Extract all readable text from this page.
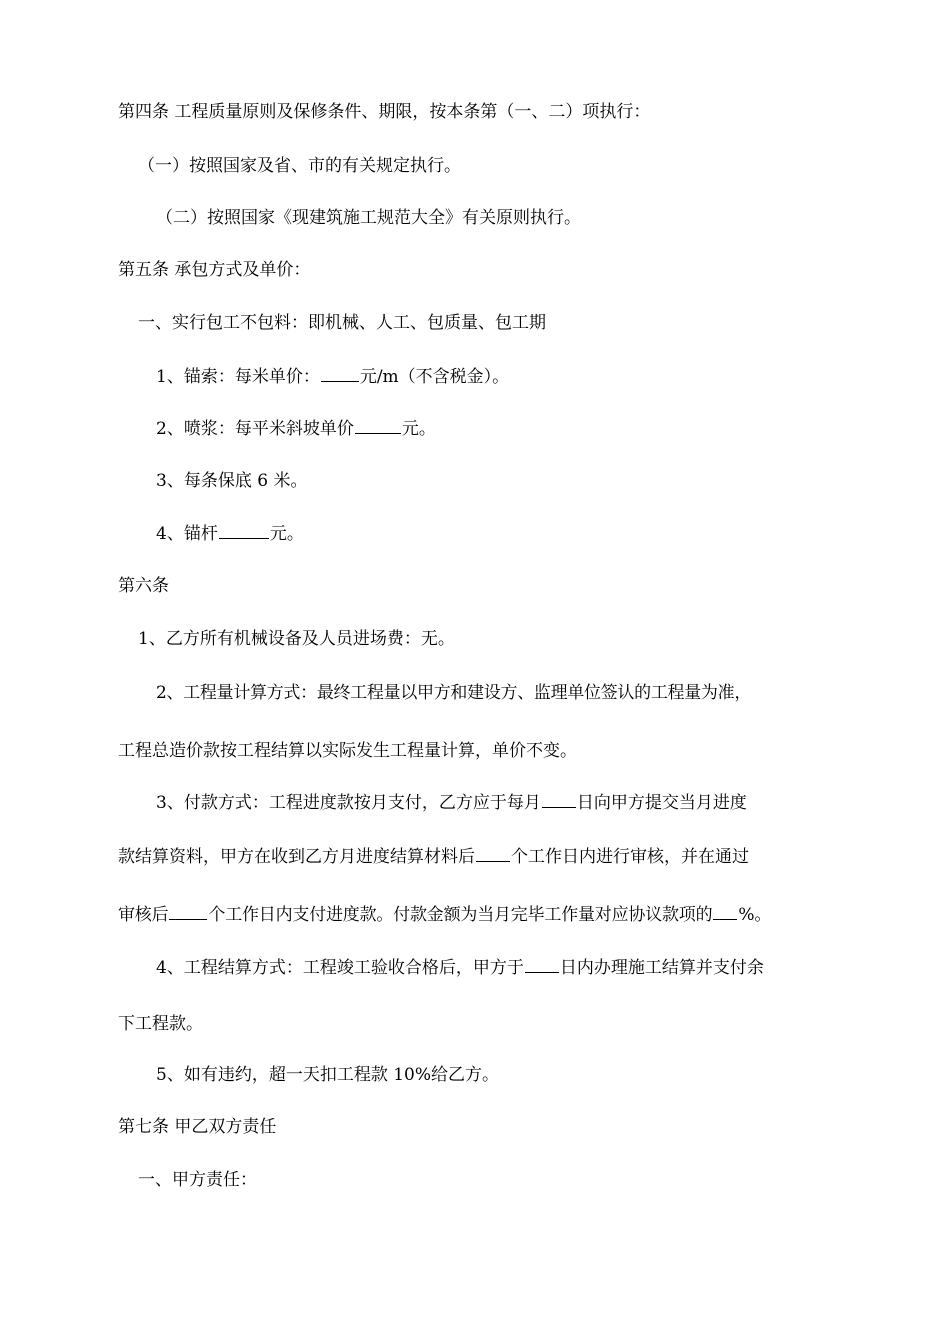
第四条 工程质量原则及保修条件、期限，按本条第（一、二）项执行：
（一）按照国家及省、市的有关规定执行。
（二）按照国家《现建筑施工规范大全》有关原则执行。
第五条 承包方式及单价：
一、实行包工不包料：即机械、人工、包质量、包工期
1、锚索：每米单价： 元/m（不含税金）。
2、喷浆：每平米斜坡单价	元。
3、每条保底 6 米。
4、锚杆	元。
第六条
1、乙方所有机械设备及人员进场费：无。
2、工程量计算方式：最终工程量以甲方和建设方、监理单位签认的工程量为准，
工程总造价款按工程结算以实际发生工程量计算，单价不变。
3、付款方式：工程进度款按月支付，乙方应于每月 日向甲方提交当月进度
款结算资料，甲方在收到乙方月进度结算材料后 个工作日内进行审核，并在通过
审核后 个工作日内支付进度款。付款金额为当月完毕工作量对应协议款项的 %。
4、工程结算方式：工程竣工验收合格后，甲方于 日内办理施工结算并支付余
下工程款。
5、如有违约，超一天扣工程款 10%给乙方。
第七条 甲乙双方责任
一、甲方责任：
